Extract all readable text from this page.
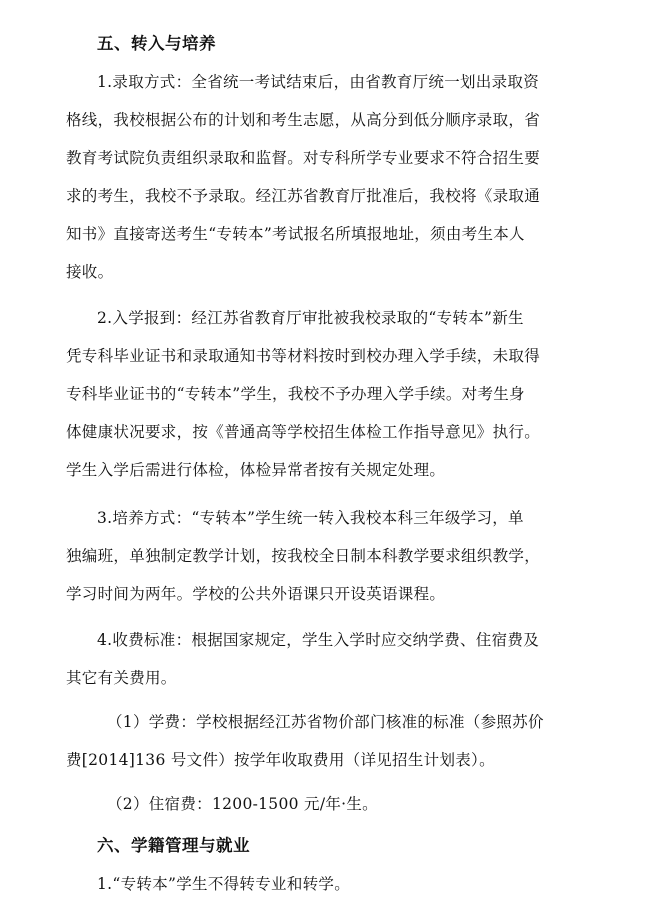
五、转入与培养
1.录取方式：全省统一考试结束后，由省教育厅统一划出录取资
格线，我校根据公布的计划和考生志愿，从高分到低分顺序录取，省
教育考试院负责组织录取和监督。对专科所学专业要求不符合招生要
求的考生，我校不予录取。经江苏省教育厅批准后，我校将《录取通
知书》直接寄送考生“专转本”考试报名所填报地址，须由考生本人
接收。
2.入学报到：经江苏省教育厅审批被我校录取的“专转本”新生
凭专科毕业证书和录取通知书等材料按时到校办理入学手续，未取得
专科毕业证书的“专转本”学生，我校不予办理入学手续。对考生身
体健康状况要求，按《普通高等学校招生体检工作指导意见》执行。
学生入学后需进行体检，体检异常者按有关规定处理。
3.培养方式：“专转本”学生统一转入我校本科三年级学习，单
独编班，单独制定教学计划，按我校全日制本科教学要求组织教学，
学习时间为两年。学校的公共外语课只开设英语课程。
4.收费标准：根据国家规定，学生入学时应交纳学费、住宿费及
其它有关费用。
（1）学费：学校根据经江苏省物价部门核准的标准（参照苏价
费[2014]136 号文件）按学年收取费用（详见招生计划表）。
（2）住宿费：1200-1500 元/年·生。
六、学籍管理与就业
1.“专转本”学生不得转专业和转学。
